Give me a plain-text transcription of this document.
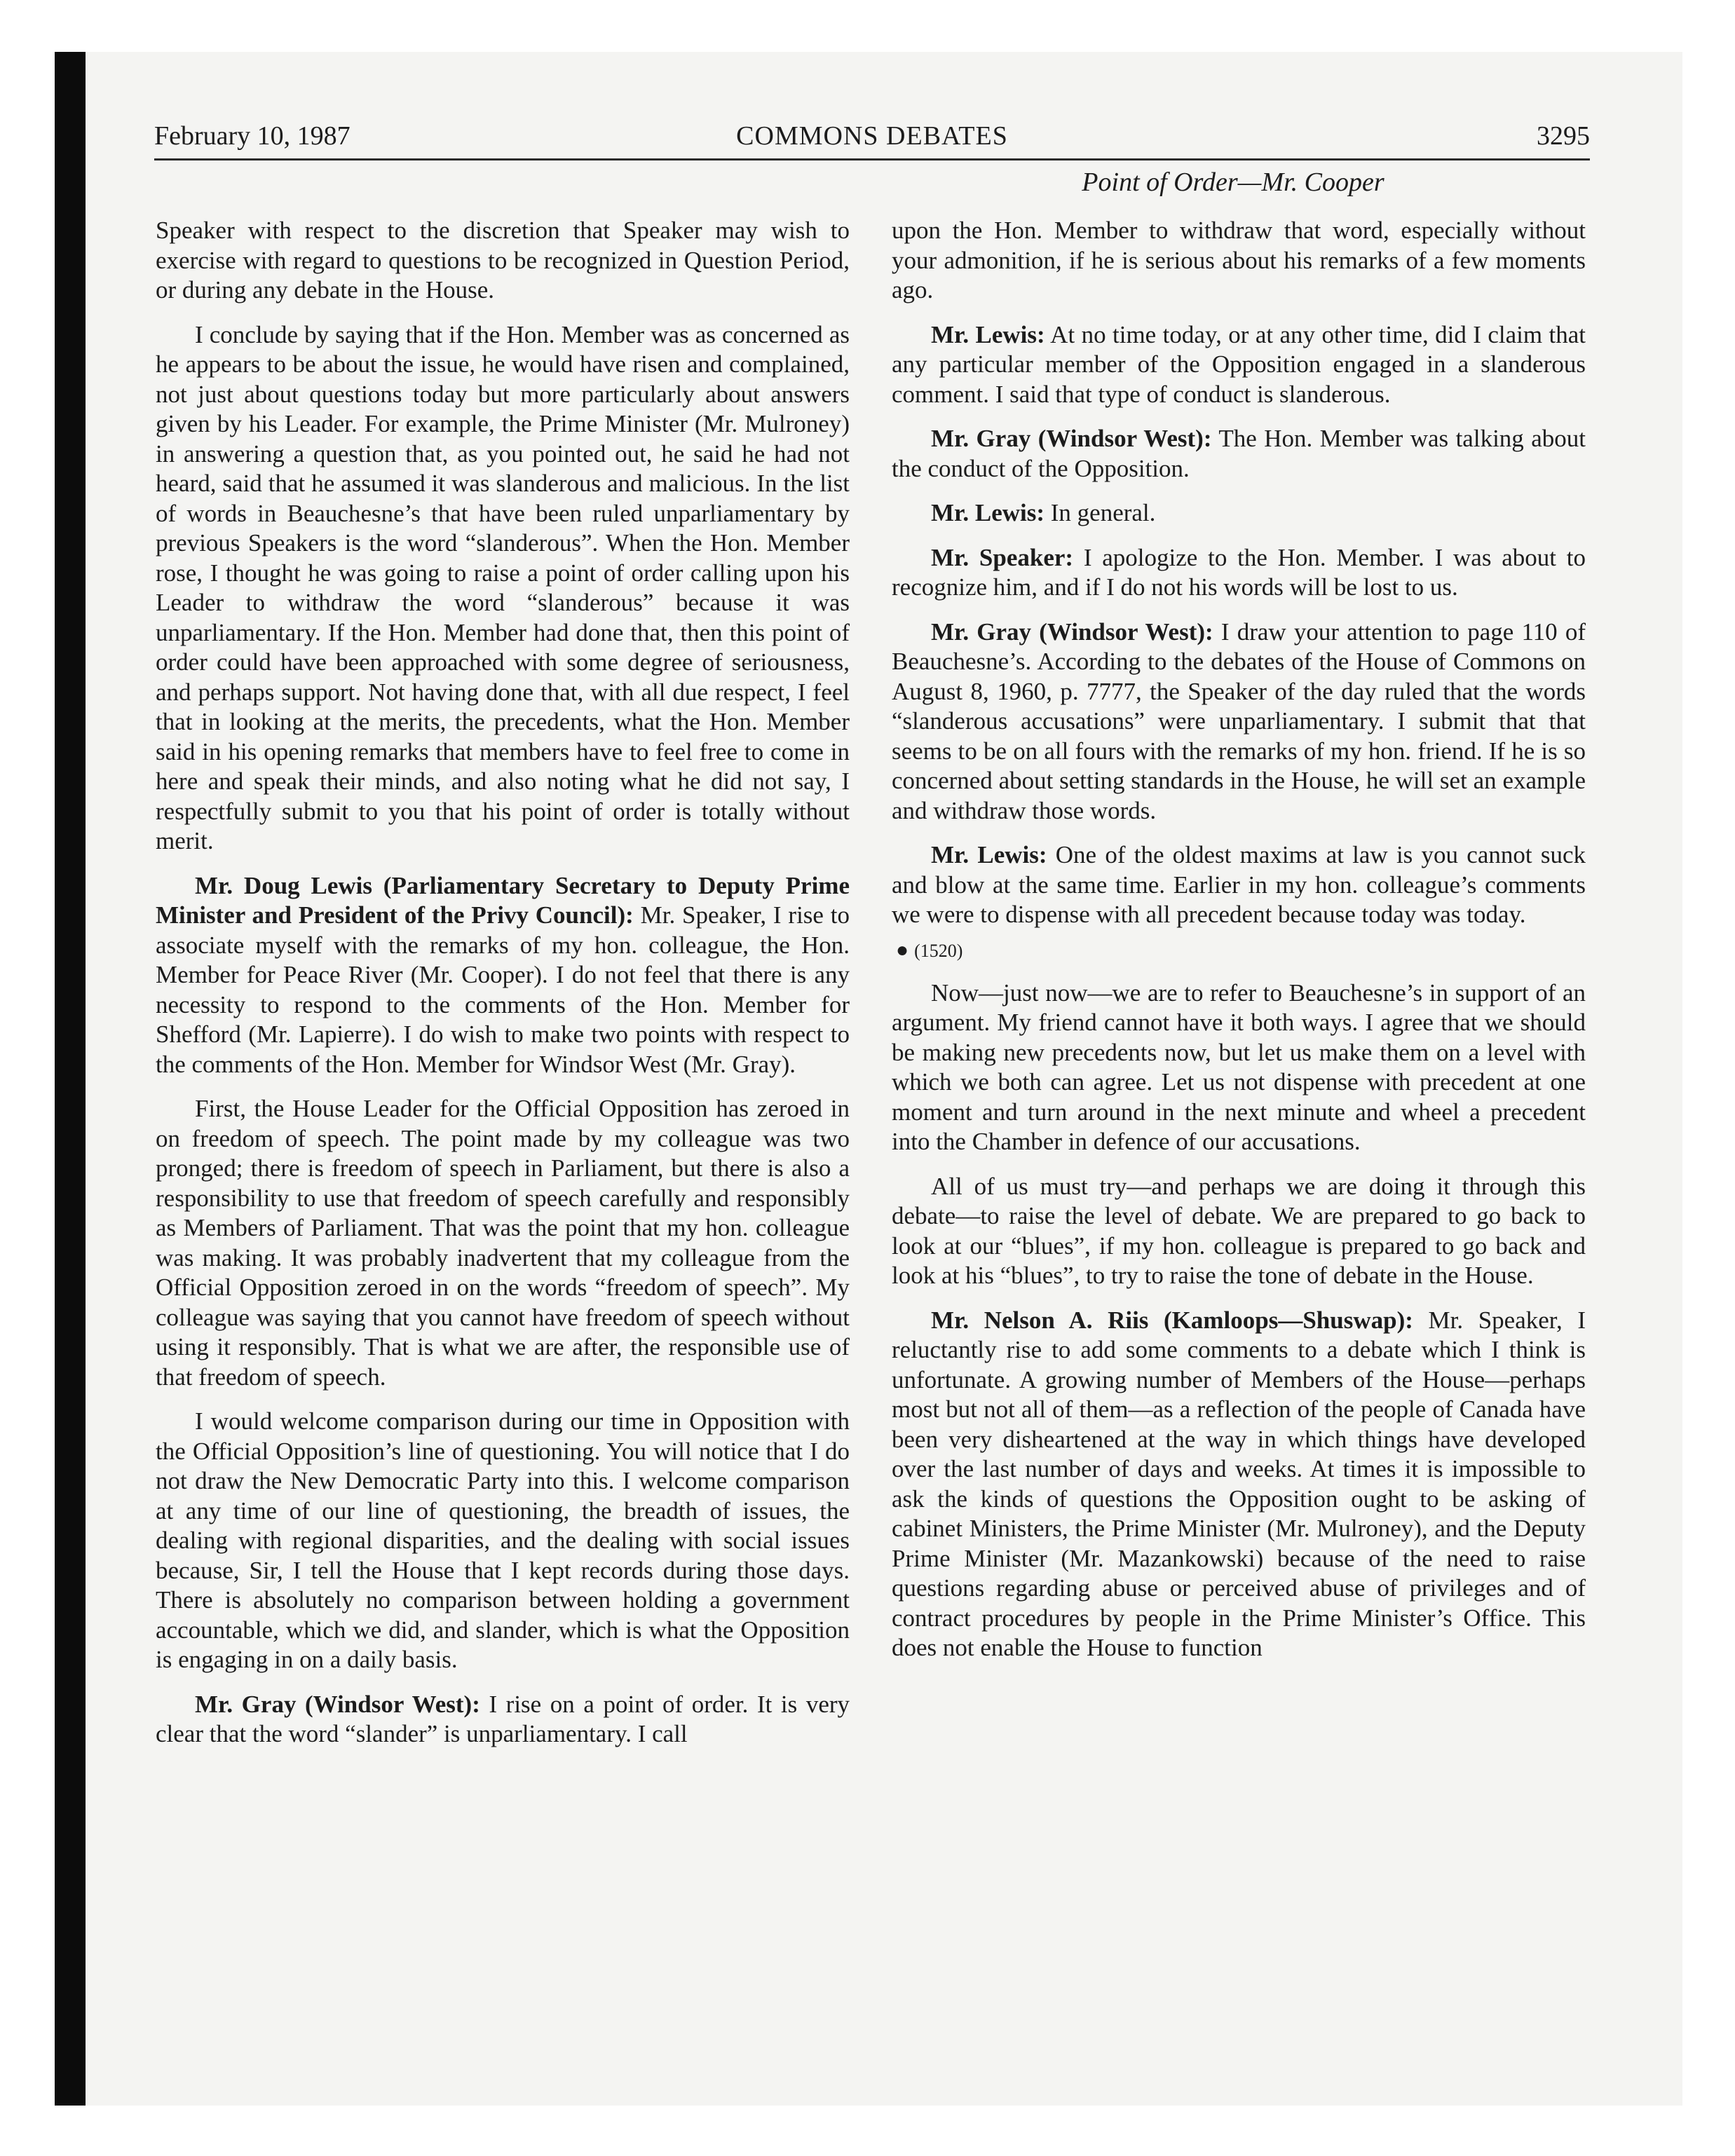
February 10, 1987	COMMONS DEBATES	3295
Point of Order—Mr. Cooper

Speaker with respect to the discretion that Speaker may wish to exercise with regard to questions to be recognized in Question Period, or during any debate in the House.

I conclude by saying that if the Hon. Member was as concerned as he appears to be about the issue, he would have risen and complained, not just about questions today but more particularly about answers given by his Leader. For example, the Prime Minister (Mr. Mulroney) in answering a question that, as you pointed out, he said he had not heard, said that he assumed it was slanderous and malicious. In the list of words in Beauchesne’s that have been ruled unparliamentary by previous Speakers is the word “slanderous”. When the Hon. Member rose, I thought he was going to raise a point of order calling upon his Leader to withdraw the word “slanderous” because it was unparliamentary. If the Hon. Member had done that, then this point of order could have been approached with some degree of seriousness, and perhaps support. Not having done that, with all due respect, I feel that in looking at the merits, the precedents, what the Hon. Member said in his opening remarks that members have to feel free to come in here and speak their minds, and also noting what he did not say, I respectfully submit to you that his point of order is totally without merit.

Mr. Doug Lewis (Parliamentary Secretary to Deputy Prime Minister and President of the Privy Council): Mr. Speaker, I rise to associate myself with the remarks of my hon. colleague, the Hon. Member for Peace River (Mr. Cooper). I do not feel that there is any necessity to respond to the comments of the Hon. Member for Shefford (Mr. Lapierre). I do wish to make two points with respect to the comments of the Hon. Member for Windsor West (Mr. Gray).

First, the House Leader for the Official Opposition has zeroed in on freedom of speech. The point made by my colleague was two pronged; there is freedom of speech in Parliament, but there is also a responsibility to use that freedom of speech carefully and responsibly as Members of Parliament. That was the point that my hon. colleague was making. It was probably inadvertent that my colleague from the Official Opposition zeroed in on the words “freedom of speech”. My colleague was saying that you cannot have freedom of speech without using it responsibly. That is what we are after, the responsible use of that freedom of speech.

I would welcome comparison during our time in Opposition with the Official Opposition’s line of questioning. You will notice that I do not draw the New Democratic Party into this. I welcome comparison at any time of our line of questioning, the breadth of issues, the dealing with regional disparities, and the dealing with social issues because, Sir, I tell the House that I kept records during those days. There is absolutely no comparison between holding a government accountable, which we did, and slander, which is what the Opposition is engaging in on a daily basis.

Mr. Gray (Windsor West): I rise on a point of order. It is very clear that the word “slander” is unparliamentary. I call

upon the Hon. Member to withdraw that word, especially without your admonition, if he is serious about his remarks of a few moments ago.

Mr. Lewis: At no time today, or at any other time, did I claim that any particular member of the Opposition engaged in a slanderous comment. I said that type of conduct is slanderous.

Mr. Gray (Windsor West): The Hon. Member was talking about the conduct of the Opposition.

Mr. Lewis: In general.

Mr. Speaker: I apologize to the Hon. Member. I was about to recognize him, and if I do not his words will be lost to us.

Mr. Gray (Windsor West): I draw your attention to page 110 of Beauchesne’s. According to the debates of the House of Commons on August 8, 1960, p. 7777, the Speaker of the day ruled that the words “slanderous accusations” were unparliamentary. I submit that that seems to be on all fours with the remarks of my hon. friend. If he is so concerned about setting standards in the House, he will set an example and withdraw those words.

Mr. Lewis: One of the oldest maxims at law is you cannot suck and blow at the same time. Earlier in my hon. colleague’s comments we were to dispense with all precedent because today was today.

● (1520)

Now—just now—we are to refer to Beauchesne’s in support of an argument. My friend cannot have it both ways. I agree that we should be making new precedents now, but let us make them on a level with which we both can agree. Let us not dispense with precedent at one moment and turn around in the next minute and wheel a precedent into the Chamber in defence of our accusations.

All of us must try—and perhaps we are doing it through this debate—to raise the level of debate. We are prepared to go back to look at our “blues”, if my hon. colleague is prepared to go back and look at his “blues”, to try to raise the tone of debate in the House.

Mr. Nelson A. Riis (Kamloops—Shuswap): Mr. Speaker, I reluctantly rise to add some comments to a debate which I think is unfortunate. A growing number of Members of the House—perhaps most but not all of them—as a reflection of the people of Canada have been very disheartened at the way in which things have developed over the last number of days and weeks. At times it is impossible to ask the kinds of questions the Opposition ought to be asking of cabinet Ministers, the Prime Minister (Mr. Mulroney), and the Deputy Prime Minister (Mr. Mazankowski) because of the need to raise questions regarding abuse or perceived abuse of privileges and of contract procedures by people in the Prime Minister’s Office. This does not enable the House to function
